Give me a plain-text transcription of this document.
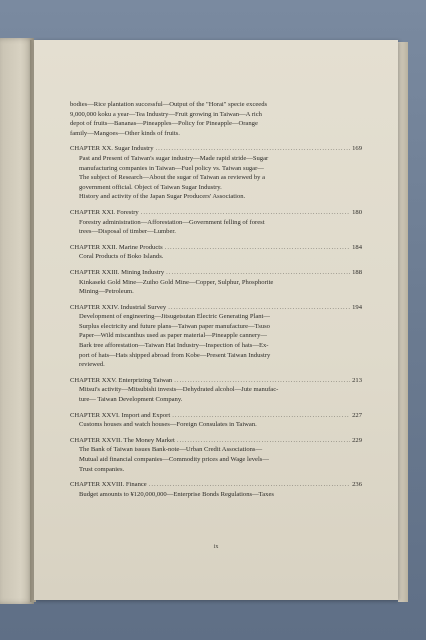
bodies—Rice plantation successful—Output of the "Horai" specie exceeds

9,000,000 koku a year—Tea Industry—Fruit growing in Taiwan—A rich

depot of fruits—Bananas—Pineapples—Policy for Pineapple—Orange

family—Mangoes—Other kinds of fruits.

CHAPTER XX. Sugar Industry .....	169

Past and Present of Taiwan's sugar industry—Made rapid stride—Sugar

manufacturing companies in Taiwan—Fuel policy vs. Taiwan sugar—

The subject of Research—About the sugar of Taiwan as reviewed by a

government official. Object of Taiwan Sugar Industry.

History and activity of the Japan Sugar Producers' Association.

CHAPTER XXI. Forestry .....	180

Forestry administration—Afforestation—Government felling of forest

trees—Disposal of timber—Lumber.

CHAPTER XXII. Marine Products .....	184

Coral Products of Boko Islands.

CHAPTER XXIII. Mining Industry .....	188

Kinkaseki Gold Mine—Zuiho Gold Mine—Copper, Sulphur, Phosphorite

Mining—Petroleum.

CHAPTER XXIV. Industrial Survey .....	194

Development of engineering—Jitsugetsutan Electric Generating Plant—

Surplus electricity and future plans—Taiwan paper manufacture—Tsuso

Paper—Wild miscanthus used as paper material—Pineapple cannery—

Bark tree afforestation—Taiwan Hat Industry—Inspection of hats—Ex-

port of hats—Hats shipped abroad from Kobe—Present Taiwan Industry

reviewed.

CHAPTER XXV. Enterprizing Taiwan .....	213

Mitsui's activity—Mitsubishi invests—Dehydrated alcohol—Jute manufac-

ture— Taiwan Development Company.

CHAPTER XXVI. Import and Export .....	227

Customs houses and watch houses—Foreign Consulates in Taiwan.

CHAPTER XXVII. The Money Market .....	229

The Bank of Taiwan issues Bank-note—Urban Credit Associations—

Mutual aid financial companies—Commodity prices and Wage levels—

Trust companies.

CHAPTER XXVIII. Finance .....	236

Budget amounts to ¥120,000,000—Enterprise Bonds Regulations—Taxes

ix
